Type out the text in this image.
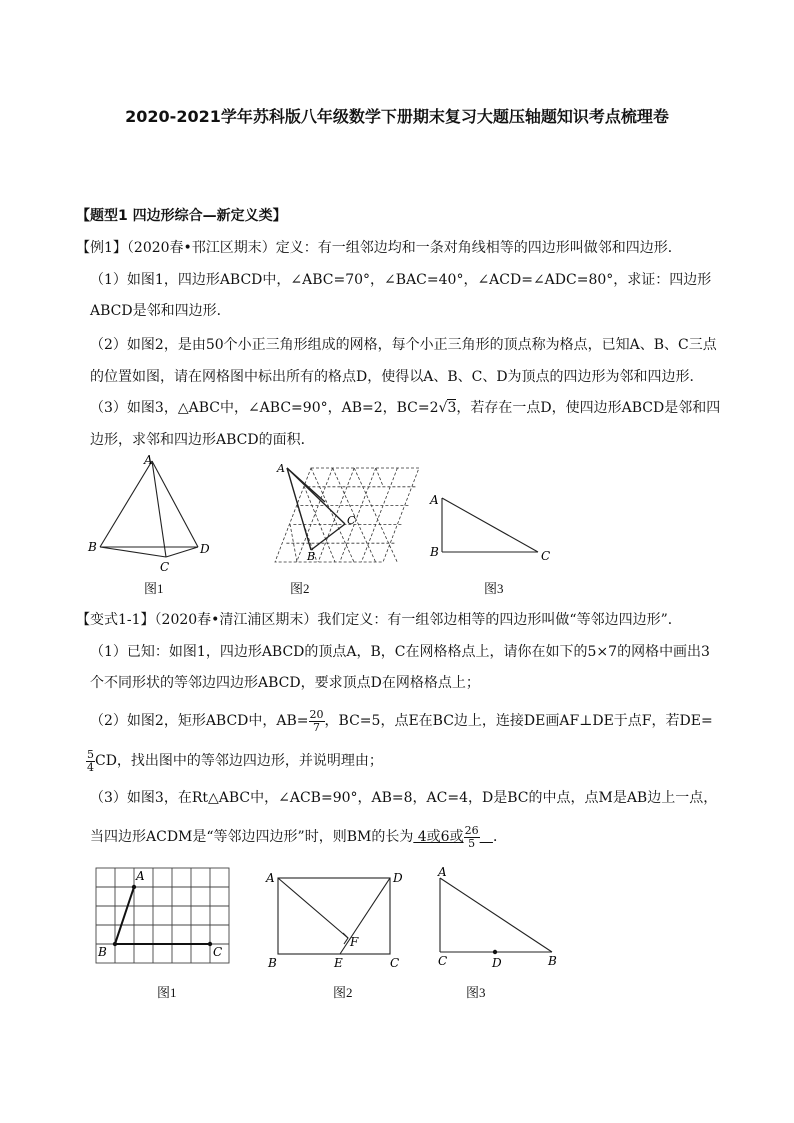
2020-2021学年苏科版八年级数学下册期末复习大题压轴题知识考点梳理卷
【题型1 四边形综合—新定义类】
【例1】（2020春•邗江区期末）定义：有一组邻边均和一条对角线相等的四边形叫做邻和四边形．
（1）如图1，四边形ABCD中，∠ABC=70°，∠BAC=40°，∠ACD=∠ADC=80°，求证：四边形
ABCD是邻和四边形．
（2）如图2，是由50个小正三角形组成的网格，每个小正三角形的顶点称为格点，已知A、B、C三点
的位置如图，请在网格图中标出所有的格点D，使得以A、B、C、D为顶点的四边形为邻和四边形．
（3）如图3，△ABC中，∠ABC=90°，AB=2，BC=2√3，若存在一点D，使四边形ABCD是邻和四
边形，求邻和四边形ABCD的面积．
A
B
C
D
图1
A
B
C
图2
A
B	C
图3
【变式1-1】（2020春•清江浦区期末）我们定义：有一组邻边相等的四边形叫做“等邻边四边形”．
（1）已知：如图1，四边形ABCD的顶点A，B，C在网格格点上，请你在如下的5×7的网格中画出3
个不同形状的等邻边四边形ABCD，要求顶点D在网格格点上；
（2）如图2，矩形ABCD中，$AB= \frac{20}{7}$ ，BC=5，点E在BC边上，连接DE画AF⊥DE于点F，若DE=
$\frac{5}{4}$ CD，找出图中的等邻边四边形，并说明理由；
（3）如图3，在Rt△ABC中，∠ACB=90°，AB=8，AC=4，D是BC的中点，点M是AB边上一点，
当四边形ACDM是“等邻边四边形”时，则BM的长为 4或6或 $\frac{26}{5}$ ．
A
B	C
图1
A	D
B	E
F
C
图2
A
C	D	B
图3
